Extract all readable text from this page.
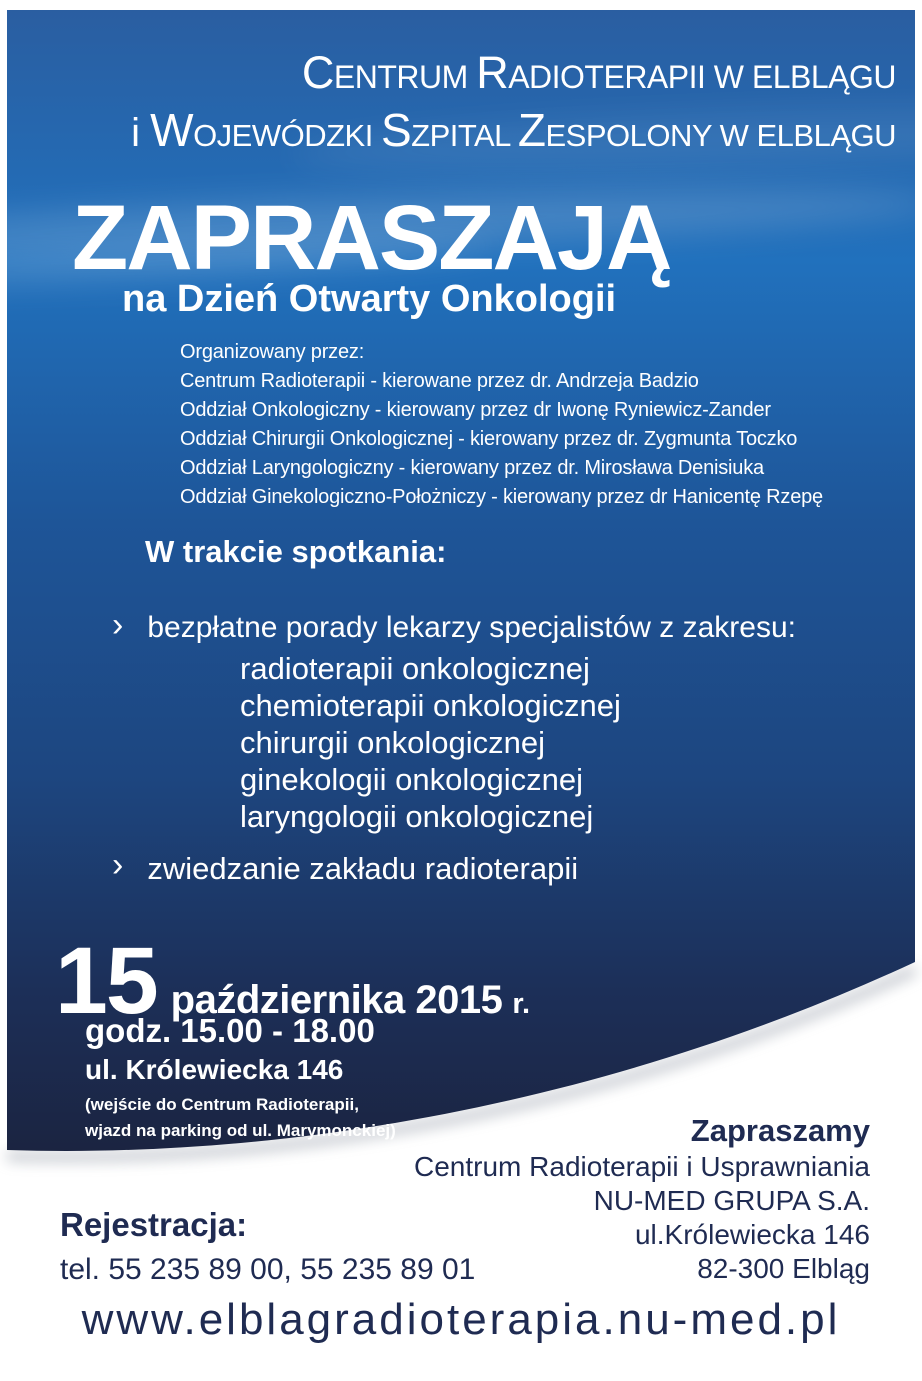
CENTRUM RADIOTERAPII W ELBLĄGU
i WOJEWÓDZKI SZPITAL ZESPOLONY W ELBLĄGU
ZAPRASZAJĄ
na Dzień Otwarty Onkologii
Organizowany przez:
Centrum Radioterapii - kierowane przez dr. Andrzeja Badzio
Oddział Onkologiczny - kierowany przez dr Iwonę Ryniewicz-Zander
Oddział Chirurgii Onkologicznej - kierowany przez dr. Zygmunta Toczko
Oddział Laryngologiczny - kierowany przez dr. Mirosława Denisiuka
Oddział Ginekologiczno-Położniczy - kierowany przez dr Hanicentę Rzepę
W trakcie spotkania:
› bezpłatne porady lekarzy specjalistów z zakresu:
radioterapii onkologicznej
chemioterapii onkologicznej
chirurgii onkologicznej
ginekologii onkologicznej
laryngologii onkologicznej
› zwiedzanie zakładu radioterapii
15 października 2015 r.
godz. 15.00 - 18.00
ul. Królewiecka 146
(wejście do Centrum Radioterapii,
wjazd na parking od ul. Marymonckiej)	Zapraszamy
Centrum Radioterapii i Usprawniania
NU-MED GRUPA S.A.
ul.Królewiecka 146
82-300 Elbląg
Rejestracja:
tel. 55 235 89 00, 55 235 89 01
www.elblagradioterapia.nu-med.pl
